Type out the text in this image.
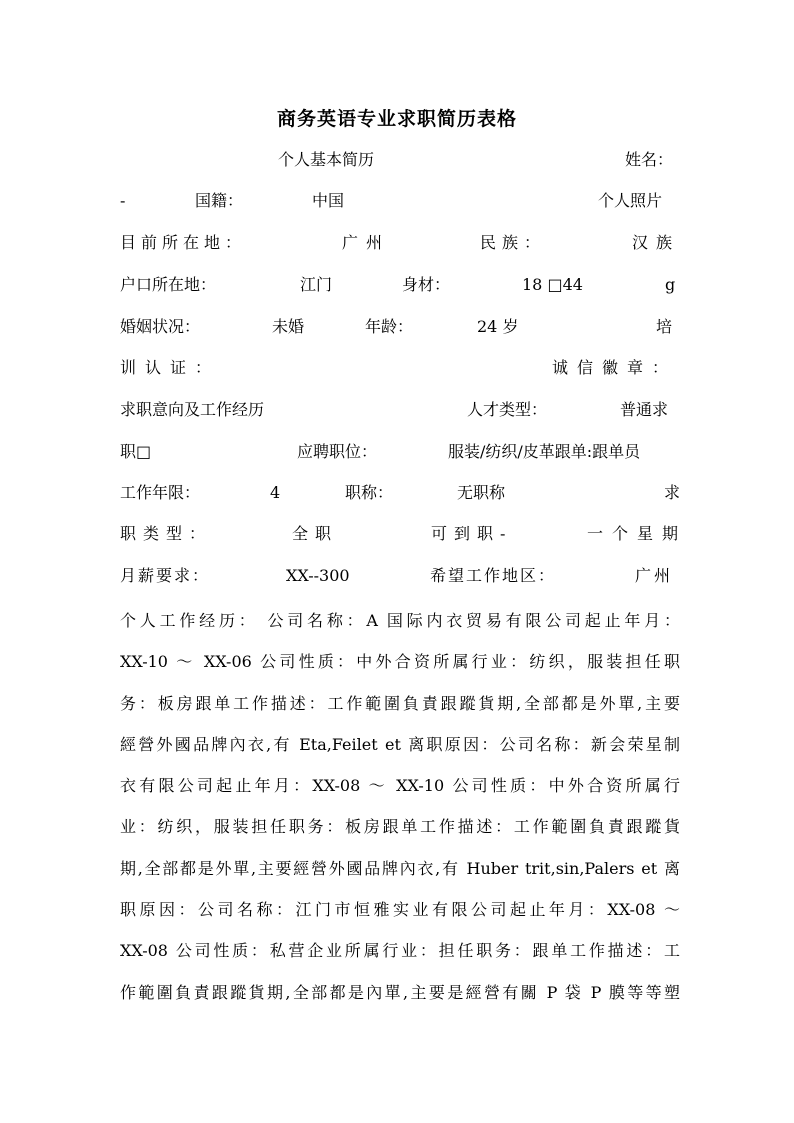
商务英语专业求职简历表格
个人基本简历	姓名：
-	国籍：	中国	个人照片
目前所在地：	广州	民族：	汉族
户口所在地：	江门	身材：	18 □44	g
婚姻状况：	未婚	年龄：	24 岁	培
训认证：	诚信徽章：
求职意向及工作经历	人才类型：	普通求
职□	应聘职位：	服装/纺织/皮革跟单:跟单员
工作年限：	4	职称：	无职称	求
职类型：	全职	可到职-	一个星期
月薪要求：	XX--300	希望工作地区：	广州
个人工作经历： 公司名称：A 国际内衣贸易有限公司起止年月：
XX-10 ～ XX-06 公司性质：中外合资所属行业：纺织，服装担任职
务：板房跟单工作描述：工作範圍負責跟蹤貨期,全部都是外單,主要
經營外國品牌內衣,有 Eta,Feilet et 离职原因：公司名称：新会荣星制
衣有限公司起止年月：XX-08 ～ XX-10 公司性质：中外合资所属行
业：纺织，服装担任职务：板房跟单工作描述：工作範圍負責跟蹤貨
期,全部都是外單,主要經營外國品牌內衣,有 Huber trit,sin,Palers et 离
职原因：公司名称：江门市恒雅实业有限公司起止年月：XX-08 ～
XX-08 公司性质：私营企业所属行业：担任职务：跟单工作描述：工
作範圍負責跟蹤貨期,全部都是內單,主要是經營有關 P 袋 P 膜等等塑
